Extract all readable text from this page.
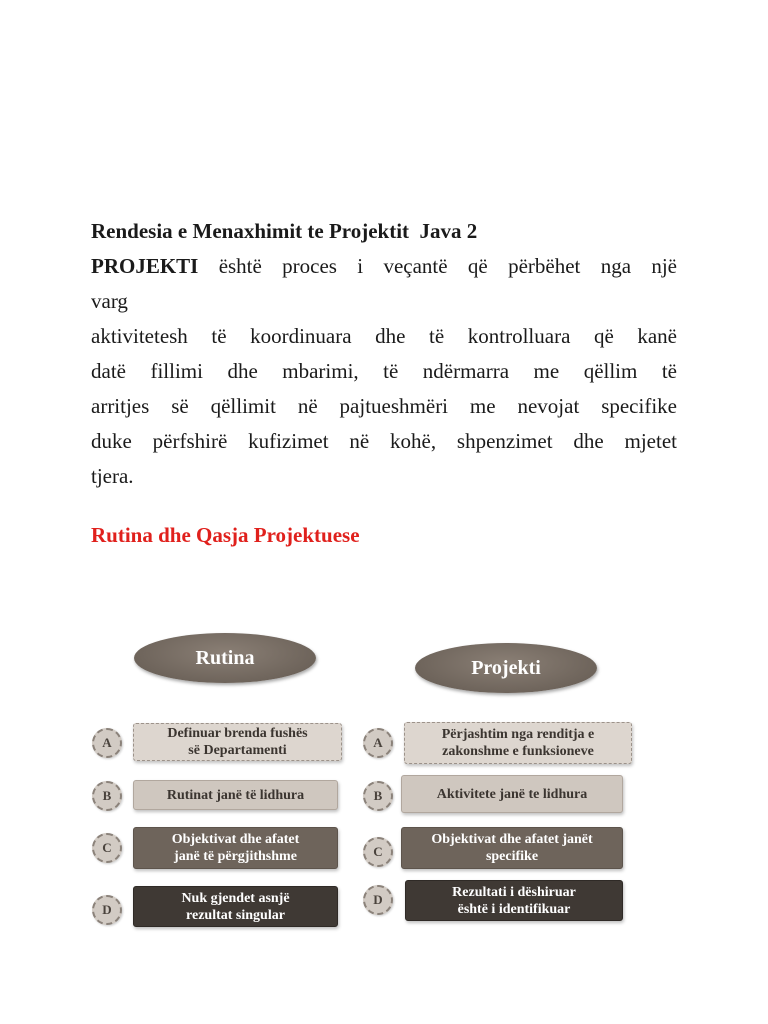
Rendesia e Menaxhimit te Projektit  Java 2

PROJEKTI është proces i veçantë që përbëhet nga një
varg
aktivitetesh të koordinuara dhe të kontrolluara që kanë
datë fillimi dhe mbarimi, të ndërmarra me qëllim të
arritjes së qëllimit në pajtueshmëri me nevojat specifike
duke përfshirë kufizimet në kohë, shpenzimet dhe mjetet
tjera.

Rutina dhe Qasja Projektuese

Rutina	Projekti
A
Definuar brenda fushës
së Departamenti
B	Rutinat janë të lidhura
C
Objektivat dhe afatet
janë të përgjithshme
D
Nuk gjendet asnjë
rezultat singular
A
Përjashtim nga renditja e
zakonshme e funksioneve
B	Aktivitete janë te lidhura
C
Objektivat dhe afatet janët
specifike
D	Rezultati i dëshiruar
është i identifikuar
